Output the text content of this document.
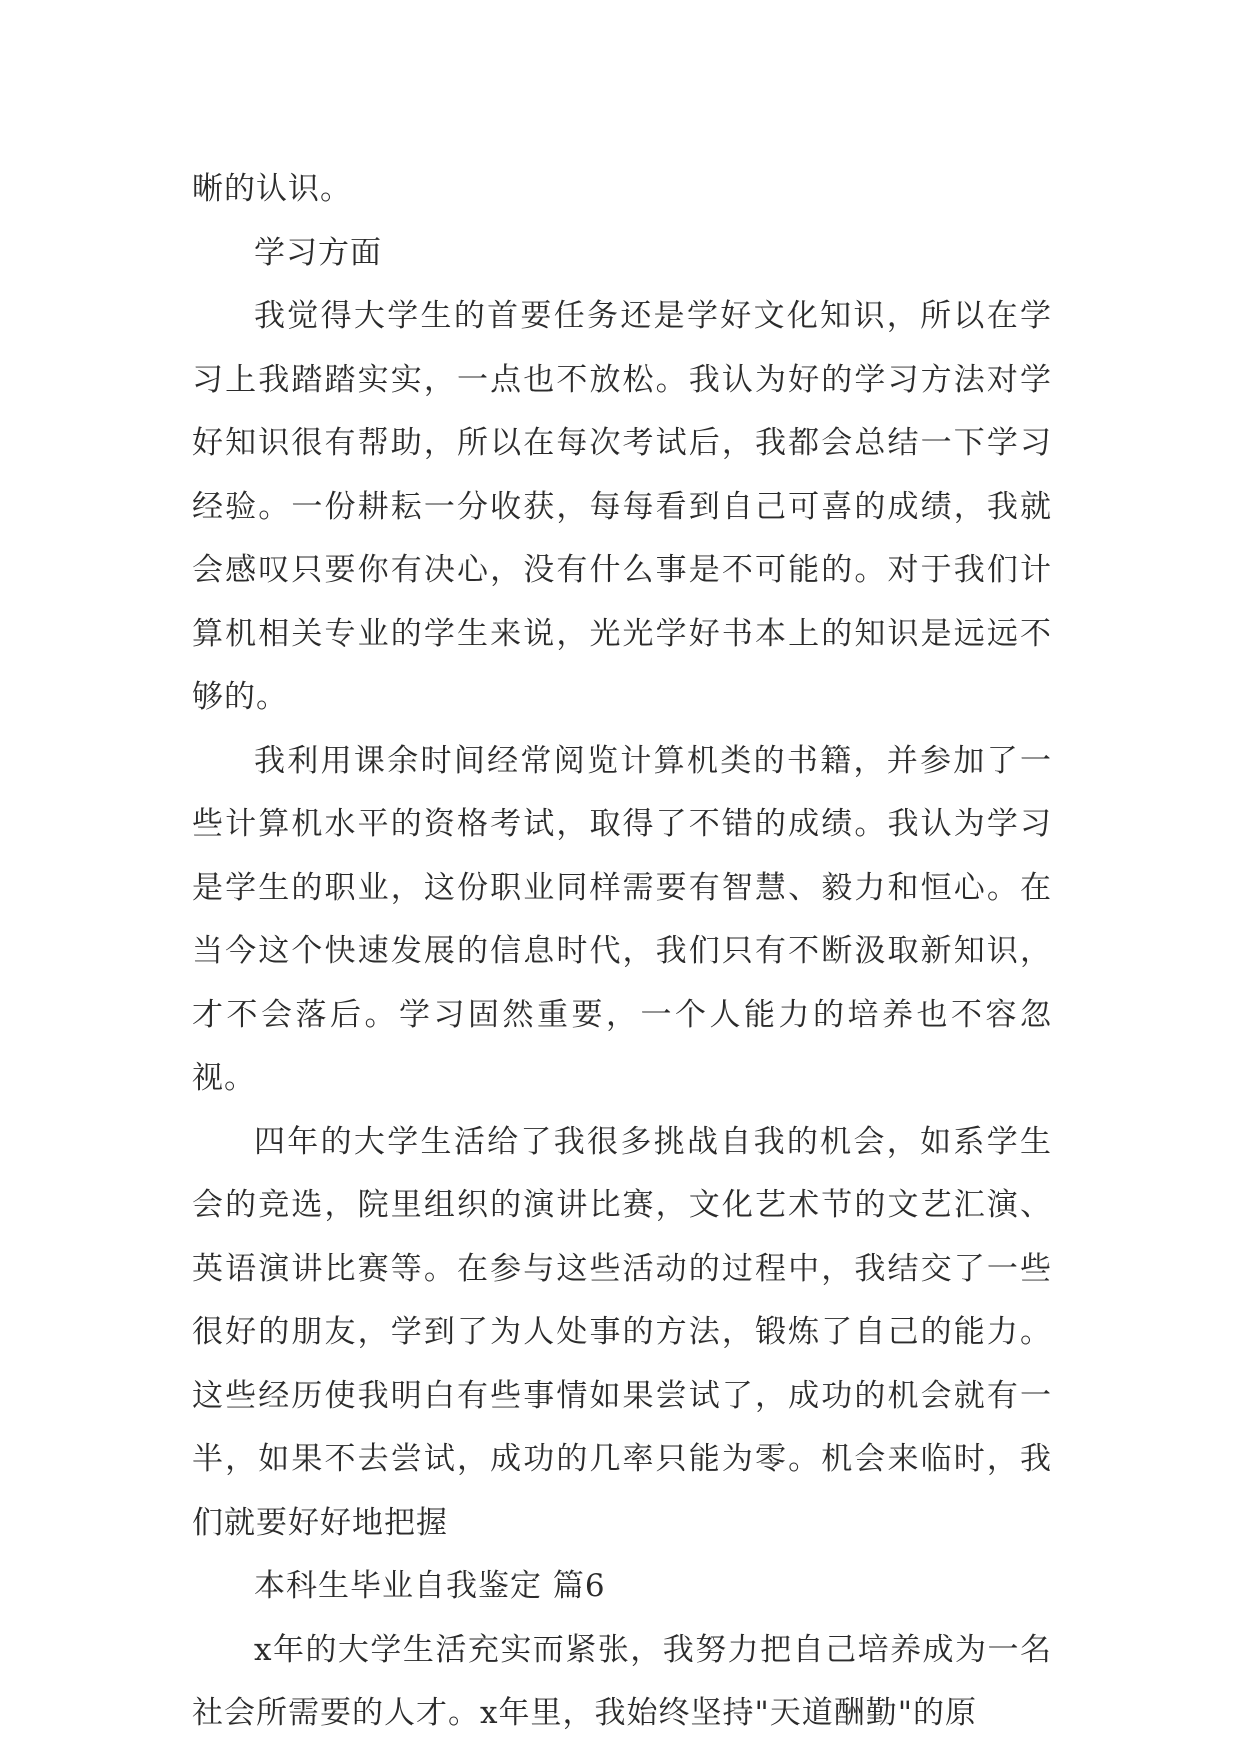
晰的认识。

学习方面

我觉得大学生的首要任务还是学好文化知识，所以在学习上我踏踏实实，一点也不放松。我认为好的学习方法对学好知识很有帮助，所以在每次考试后，我都会总结一下学习经验。一份耕耘一分收获，每每看到自己可喜的成绩，我就会感叹只要你有决心，没有什么事是不可能的。对于我们计算机相关专业的学生来说，光光学好书本上的知识是远远不够的。

我利用课余时间经常阅览计算机类的书籍，并参加了一些计算机水平的资格考试，取得了不错的成绩。我认为学习是学生的职业，这份职业同样需要有智慧、毅力和恒心。在当今这个快速发展的信息时代，我们只有不断汲取新知识，才不会落后。学习固然重要，一个人能力的培养也不容忽视。

四年的大学生活给了我很多挑战自我的机会，如系学生会的竞选，院里组织的演讲比赛，文化艺术节的文艺汇演、英语演讲比赛等。在参与这些活动的过程中，我结交了一些很好的朋友，学到了为人处事的方法，锻炼了自己的能力。这些经历使我明白有些事情如果尝试了，成功的机会就有一半，如果不去尝试，成功的几率只能为零。机会来临时，我们就要好好地把握

本科生毕业自我鉴定 篇6

x年的大学生活充实而紧张，我努力把自己培养成为一名社会所需要的人才。x年里，我始终坚持"天道酬勤"的原
